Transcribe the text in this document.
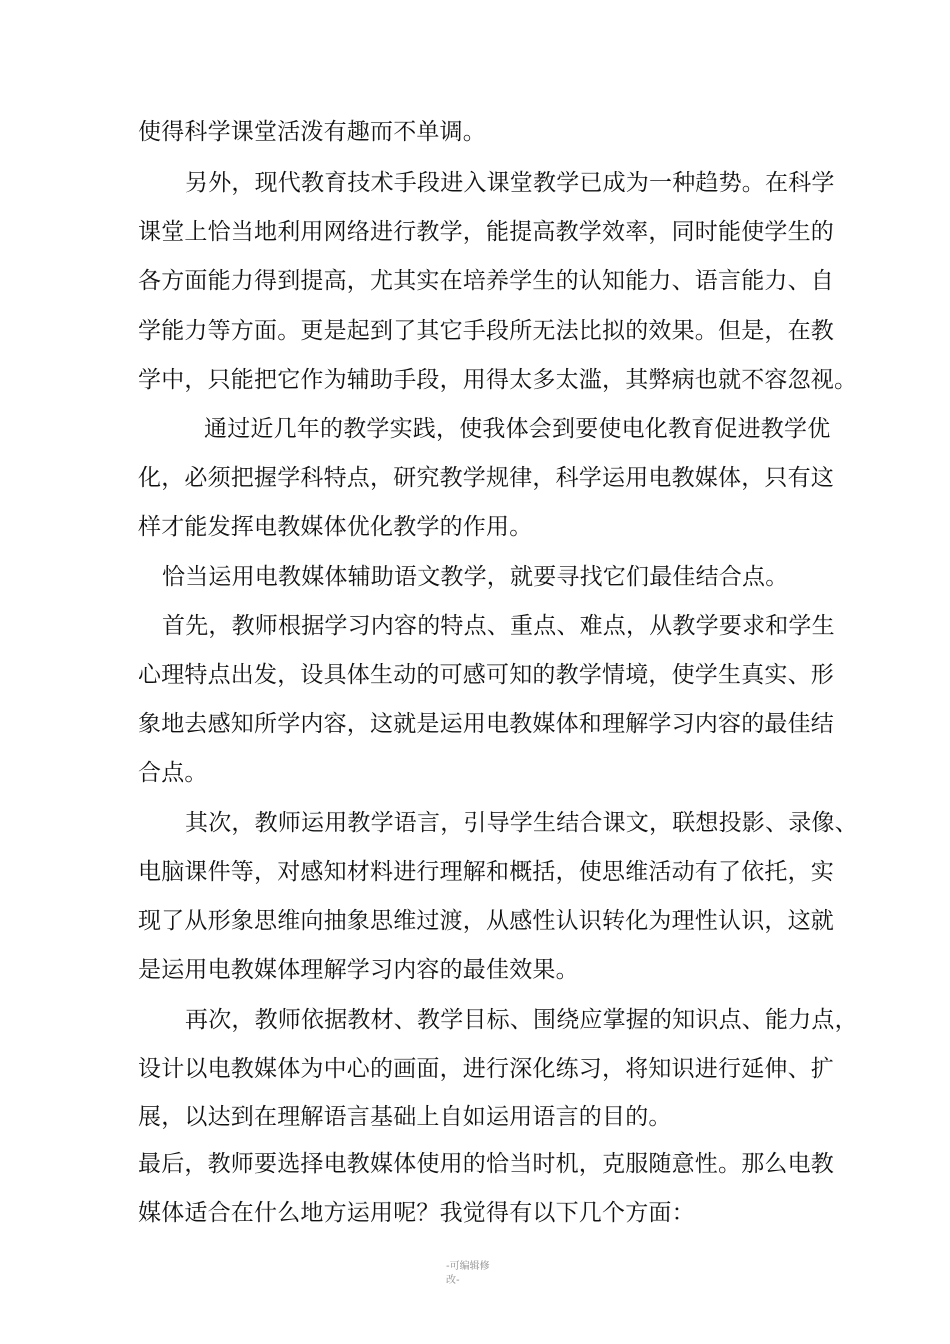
使得科学课堂活泼有趣而不单调。
另外，现代教育技术手段进入课堂教学已成为一种趋势。在科学
课堂上恰当地利用网络进行教学，能提高教学效率，同时能使学生的
各方面能力得到提高，尤其实在培养学生的认知能力、语言能力、自
学能力等方面。更是起到了其它手段所无法比拟的效果。但是，在教
学中，只能把它作为辅助手段，用得太多太滥，其弊病也就不容忽视。
通过近几年的教学实践，使我体会到要使电化教育促进教学优
化，必须把握学科特点，研究教学规律，科学运用电教媒体，只有这
样才能发挥电教媒体优化教学的作用。
恰当运用电教媒体辅助语文教学，就要寻找它们最佳结合点。
首先，教师根据学习内容的特点、重点、难点，从教学要求和学生
心理特点出发，设具体生动的可感可知的教学情境，使学生真实、形
象地去感知所学内容，这就是运用电教媒体和理解学习内容的最佳结
合点。
其次，教师运用教学语言，引导学生结合课文，联想投影、录像、
电脑课件等，对感知材料进行理解和概括，使思维活动有了依托，实
现了从形象思维向抽象思维过渡，从感性认识转化为理性认识，这就
是运用电教媒体理解学习内容的最佳效果。
再次，教师依据教材、教学目标、围绕应掌握的知识点、能力点，
设计以电教媒体为中心的画面，进行深化练习，将知识进行延伸、扩
展，以达到在理解语言基础上自如运用语言的目的。
最后，教师要选择电教媒体使用的恰当时机，克服随意性。那么电教
媒体适合在什么地方运用呢？我觉得有以下几个方面：
-可编辑修
改-
